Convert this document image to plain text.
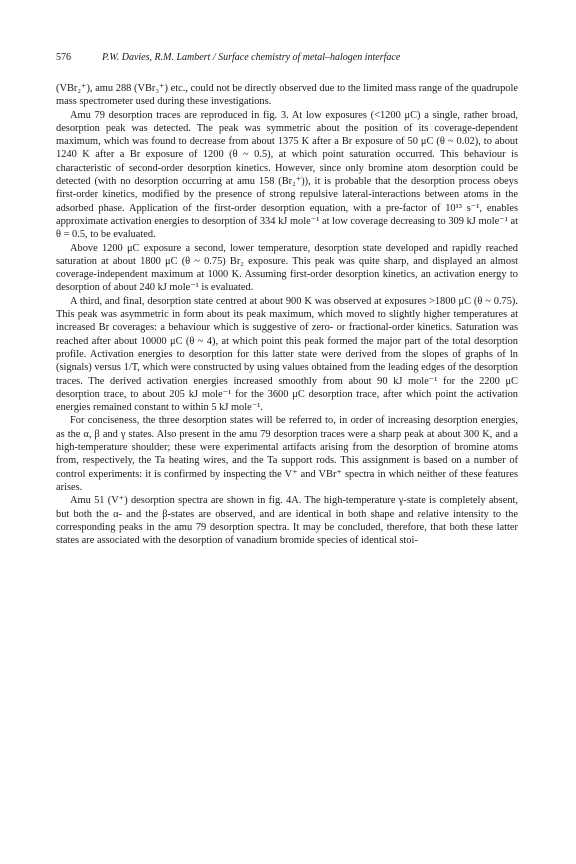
576	P.W. Davies, R.M. Lambert / Surface chemistry of metal–halogen interface

(VBr₂⁺), amu 288 (VBr₃⁺) etc., could not be directly observed due to the limited mass range of the quadrupole mass spectrometer used during these investigations.

Amu 79 desorption traces are reproduced in fig. 3. At low exposures (<1200 μC) a single, rather broad, desorption peak was detected. The peak was symmetric about the position of its coverage-dependent maximum, which was found to decrease from about 1375 K after a Br exposure of 50 μC (θ ~ 0.02), to about 1240 K after a Br exposure of 1200 (θ ~ 0.5), at which point saturation occurred. This behaviour is characteristic of second-order desorption kinetics. However, since only bromine atom desorption could be detected (with no desorption occurring at amu 158 (Br₂⁺)), it is probable that the desorption process obeys first-order kinetics, modified by the presence of strong repulsive lateral-interactions between atoms in the adsorbed phase. Application of the first-order desorption equation, with a pre-factor of 10¹³ s⁻¹, enables approximate activation energies to desorption of 334 kJ mole⁻¹ at low coverage decreasing to 309 kJ mole⁻¹ at θ = 0.5, to be evaluated.

Above 1200 μC exposure a second, lower temperature, desorption state developed and rapidly reached saturation at about 1800 μC (θ ~ 0.75) Br₂ exposure. This peak was quite sharp, and displayed an almost coverage-independent maximum at 1000 K. Assuming first-order desorption kinetics, an activation energy to desorption of about 240 kJ mole⁻¹ is evaluated.

A third, and final, desorption state centred at about 900 K was observed at exposures >1800 μC (θ ~ 0.75). This peak was asymmetric in form about its peak maximum, which moved to slightly higher temperatures at increased Br coverages: a behaviour which is suggestive of zero- or fractional-order kinetics. Saturation was reached after about 10000 μC (θ ~ 4), at which point this peak formed the major part of the total desorption profile. Activation energies to desorption for this latter state were derived from the slopes of graphs of ln (signals) versus 1/T, which were constructed by using values obtained from the leading edges of the desorption traces. The derived activation energies increased smoothly from about 90 kJ mole⁻¹ for the 2200 μC desorption trace, to about 205 kJ mole⁻¹ for the 3600 μC desorption trace, after which point the activation energies remained constant to within 5 kJ mole⁻¹.

For conciseness, the three desorption states will be referred to, in order of increasing desorption energies, as the α, β and γ states. Also present in the amu 79 desorption traces were a sharp peak at about 300 K, and a high-temperature shoulder; these were experimental artifacts arising from the desorption of bromine atoms from, respectively, the Ta heating wires, and the Ta support rods. This assignment is based on a number of control experiments: it is confirmed by inspecting the V⁺ and VBr⁺ spectra in which neither of these features arises.

Amu 51 (V⁺) desorption spectra are shown in fig. 4A. The high-temperature γ-state is completely absent, but both the α- and the β-states are observed, and are identical in both shape and relative intensity to the corresponding peaks in the amu 79 desorption spectra. It may be concluded, therefore, that both these latter states are associated with the desorption of vanadium bromide species of identical stoi-
